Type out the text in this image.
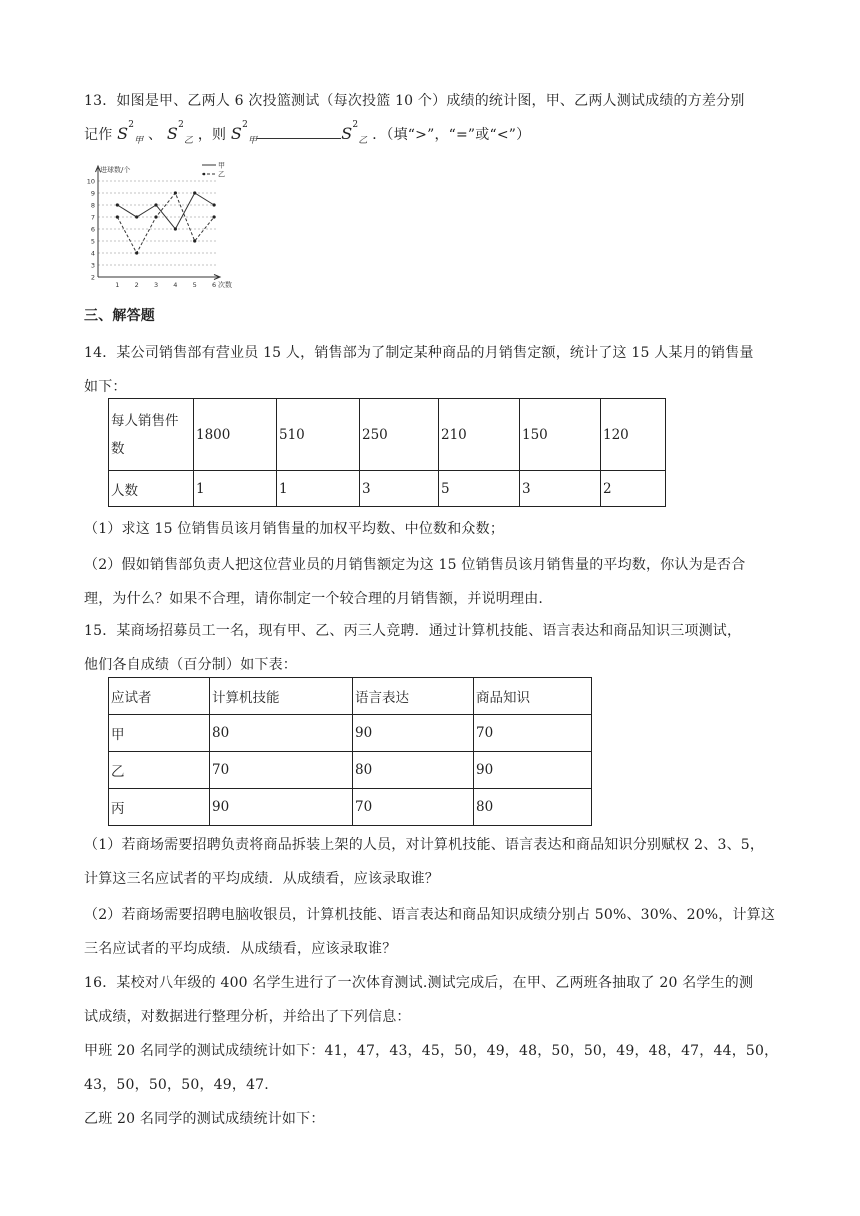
13．如图是甲、乙两人 6 次投篮测试（每次投篮 10 个）成绩的统计图，甲、乙两人测试成绩的方差分别
记作 $S^2_甲$ 、 $S^2_乙$ ，则 $S^2_甲$	$S^2_乙$ ．（填“>”，“=”或“<”）
2
3
4
5
6
7
8
9
10
1 2 3 4 5 6
进球数/个
次数
甲
乙
三、解答题
14．某公司销售部有营业员 15 人，销售部为了制定某种商品的月销售定额，统计了这 15 人某月的销售量
如下：
每人销售件
数	1800	510	250	210	150	120
人数	1	1	3	5	3	2
（1）求这 15 位销售员该月销售量的加权平均数、中位数和众数；
（2）假如销售部负责人把这位营业员的月销售额定为这 15 位销售员该月销售量的平均数，你认为是否合
理，为什么？如果不合理，请你制定一个较合理的月销售额，并说明理由.
15．某商场招募员工一名，现有甲、乙、丙三人竞聘．通过计算机技能、语言表达和商品知识三项测试，
他们各自成绩（百分制）如下表：
应试者	计算机技能	语言表达	商品知识
甲	80	90	70
乙	70	80	90
丙	90	70	80
（1）若商场需要招聘负责将商品拆装上架的人员，对计算机技能、语言表达和商品知识分别赋权 2、3、5，
计算这三名应试者的平均成绩．从成绩看，应该录取谁？
（2）若商场需要招聘电脑收银员，计算机技能、语言表达和商品知识成绩分别占 50%、30%、20%，计算这
三名应试者的平均成绩．从成绩看，应该录取谁？
16．某校对八年级的 400 名学生进行了一次体育测试.测试完成后，在甲、乙两班各抽取了 20 名学生的测
试成绩，对数据进行整理分析，并给出了下列信息：
甲班 20 名同学的测试成绩统计如下：41，47，43，45，50，49，48，50，50，49，48，47，44，50，
43，50，50，50，49，47.
乙班 20 名同学的测试成绩统计如下：
